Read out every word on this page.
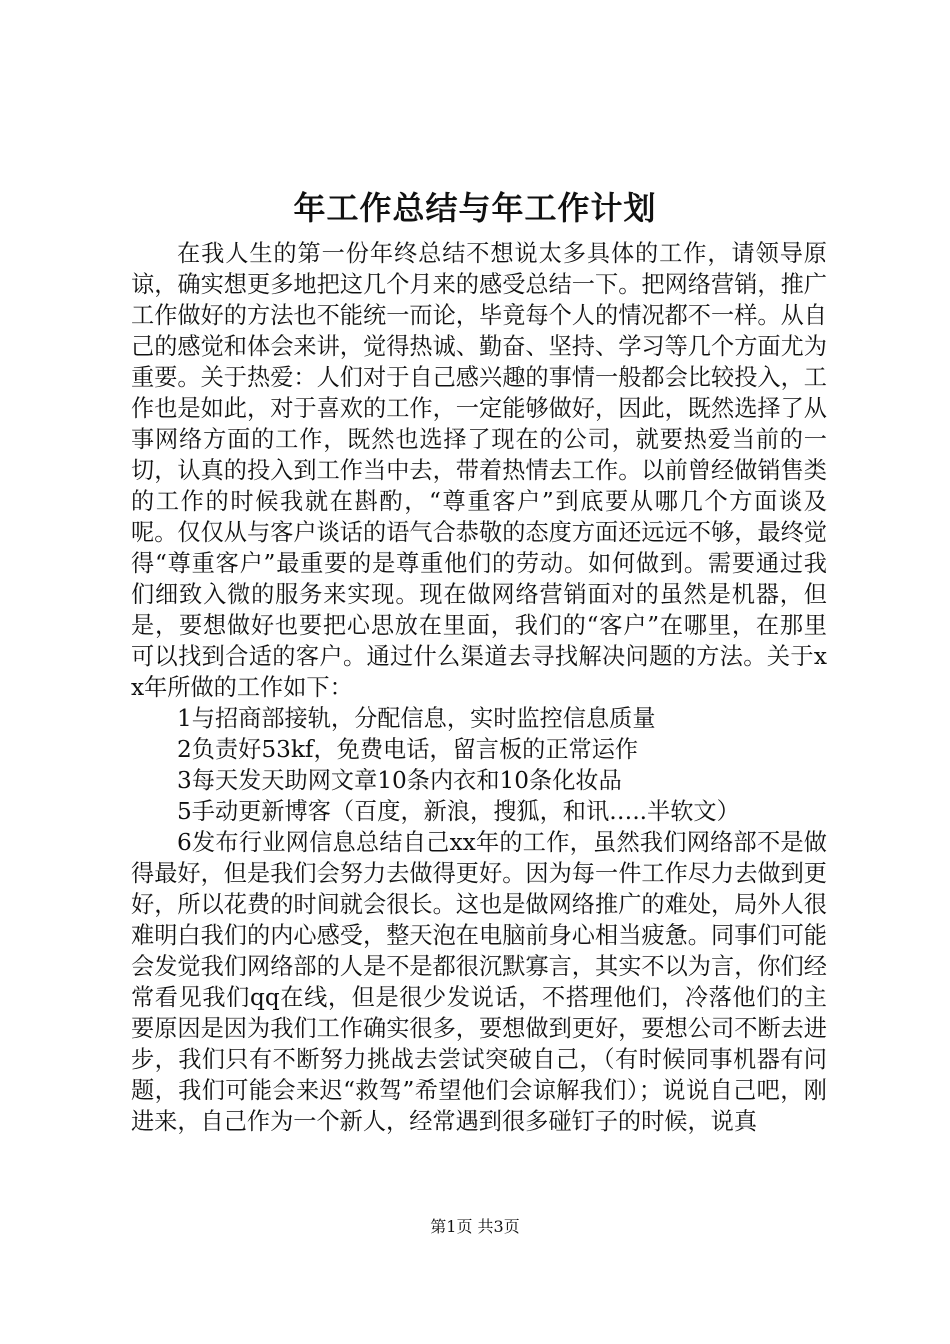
年工作总结与年工作计划

在我人生的第一份年终总结不想说太多具体的工作，请领导原谅，确实想更多地把这几个月来的感受总结一下。把网络营销，推广工作做好的方法也不能统一而论，毕竟每个人的情况都不一样。从自己的感觉和体会来讲，觉得热诚、勤奋、坚持、学习等几个方面尤为重要。关于热爱：人们对于自己感兴趣的事情一般都会比较投入，工作也是如此，对于喜欢的工作，一定能够做好，因此，既然选择了从事网络方面的工作，既然也选择了现在的公司，就要热爱当前的一切，认真的投入到工作当中去，带着热情去工作。以前曾经做销售类的工作的时候我就在斟酌，“尊重客户”到底要从哪几个方面谈及呢。仅仅从与客户谈话的语气合恭敬的态度方面还远远不够，最终觉得“尊重客户”最重要的是尊重他们的劳动。如何做到。需要通过我们细致入微的服务来实现。现在做网络营销面对的虽然是机器，但是，要想做好也要把心思放在里面，我们的“客户”在哪里，在那里可以找到合适的客户。通过什么渠道去寻找解决问题的方法。关于xx年所做的工作如下：

1与招商部接轨，分配信息，实时监控信息质量

2负责好53kf，免费电话，留言板的正常运作

3每天发天助网文章10条内衣和10条化妆品

5手动更新博客（百度，新浪，搜狐，和讯…..半软文）

6发布行业网信息总结自己xx年的工作，虽然我们网络部不是做得最好，但是我们会努力去做得更好。因为每一件工作尽力去做到更好，所以花费的时间就会很长。这也是做网络推广的难处，局外人很难明白我们的内心感受，整天泡在电脑前身心相当疲惫。同事们可能会发觉我们网络部的人是不是都很沉默寡言，其实不以为言，你们经常看见我们qq在线，但是很少发说话，不搭理他们，冷落他们的主要原因是因为我们工作确实很多，要想做到更好，要想公司不断去进步，我们只有不断努力挑战去尝试突破自己，（有时候同事机器有问题，我们可能会来迟“救驾”希望他们会谅解我们）；说说自己吧，刚进来，自己作为一个新人，经常遇到很多碰钉子的时候，说真

第1页 共3页
